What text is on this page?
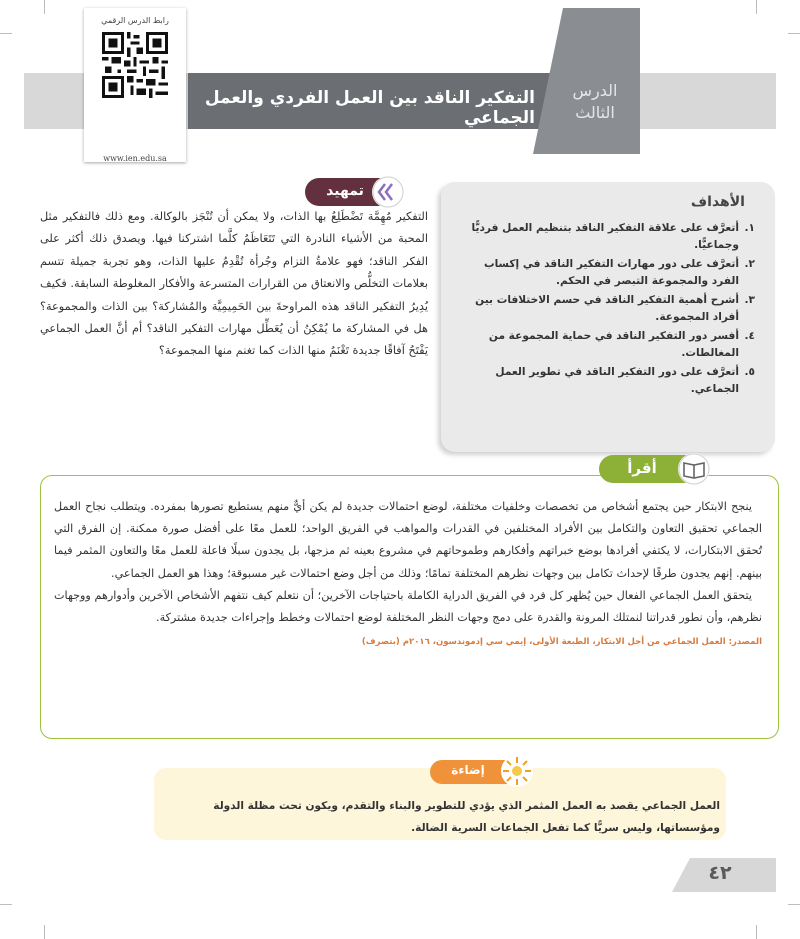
التفكير الناقد بين العمل الفردي والعمل الجماعي
الدرس
الثالث
رابط الدرس الرقمي
www.ien.edu.sa
الأهداف
١.
أتعرَّف على علاقة التفكير الناقد بتنظيم العمل فرديًّا وجماعيًّا.
٢.
أتعرَّف على دور مهارات التفكير الناقد في إكساب الفرد والمجموعة التبصر في الحكم.
٣.
أشرح أهمية التفكير الناقد في حسم الاختلافات بين أفراد المجموعة.
٤.
أفسر دور التفكير الناقد في حماية المجموعة من المغالطات.
٥.
أتعرَّف على دور التفكير الناقد في تطوير العمل الجماعي.
تمهيد
التفكير مُهِمَّة تَضْطَلِعُ بها الذات، ولا يمكن أن تُنْجَز بالوكالة. ومع ذلك فالتفكير مثل المحبة من الأشياء النادرة التي تَتَعَاظَمُ كلَّما اشتركنا فيها. ويصدق ذلك أكثر على الفكر الناقد؛ فهو علامةُ التزام وجُرأة تُقْدِمُ عليها الذات، وهو تجربة جميلة تتسم بعلامات التخلُّص والانعتاق من القرارات المتسرعة والأفكار المغلوطة السابقة. فكيف يُدِيرُ التفكير الناقد هذه المراوحةَ بين الحَمِيمِيَّة والمُشاركة؟ بين الذات والمجموعة؟ هل في المشاركة ما يُمْكِنُ أن يُعَطِّل مهارات التفكير الناقد؟ أم أنَّ العمل الجماعي يَفْتَحُ آفاقًا جديدة تَغْنَمُ منها الذات كما تغنم منها المجموعة؟
أقرأ

ينجح الابتكار حين يجتمع أشخاص من تخصصات وخلفيات مختلفة، لوضع احتمالات جديدة لم يكن أيٌّ منهم يستطيع تصورها بمفرده. ويتطلب نجاح العمل الجماعي تحقيق التعاون والتكامل بين الأفراد المختلفين في القدرات والمواهب في الفريق الواحد؛ للعمل معًا على أفضل صورة ممكنة. إن الفرق التي تُحقق الابتكارات، لا يكتفي أفرادها بوضع خبراتهم وأفكارهم وطموحاتهم في مشروع بعينه ثم مزجها، بل يجدون سبلًا فاعلة للعمل معًا والتعاون المثمر فيما بينهم. إنهم يجدون طرقًا لإحداث تكامل بين وجهات نظرهم المختلفة تمامًا؛ وذلك من أجل وضع احتمالات غير مسبوقة؛ وهذا هو العمل الجماعي.

يتحقق العمل الجماعي الفعال حين يُظهر كل فرد في الفريق الدراية الكاملة باحتياجات الآخرين؛ أن نتعلم كيف نتفهم الأشخاص الآخرين وأدوارهم ووجهات نظرهم، وأن نطور قدراتنا لنمتلك المرونة والقدرة على دمج وجهات النظر المختلفة لوضع احتمالات وخطط وإجراءات جديدة مشتركة.

المصدر: العمل الجماعي من أجل الابتكار، الطبعة الأولى، إيمي سي إدموندسون، ٢٠١٦م (بتصرف)
إضاءة
العمل الجماعي يقصد به العمل المثمر الذي يؤدي للتطوير والبناء والتقدم، ويكون تحت مظلة الدولة ومؤسساتها، وليس سريًّا كما تفعل الجماعات السرية الضالة.
٤٢
